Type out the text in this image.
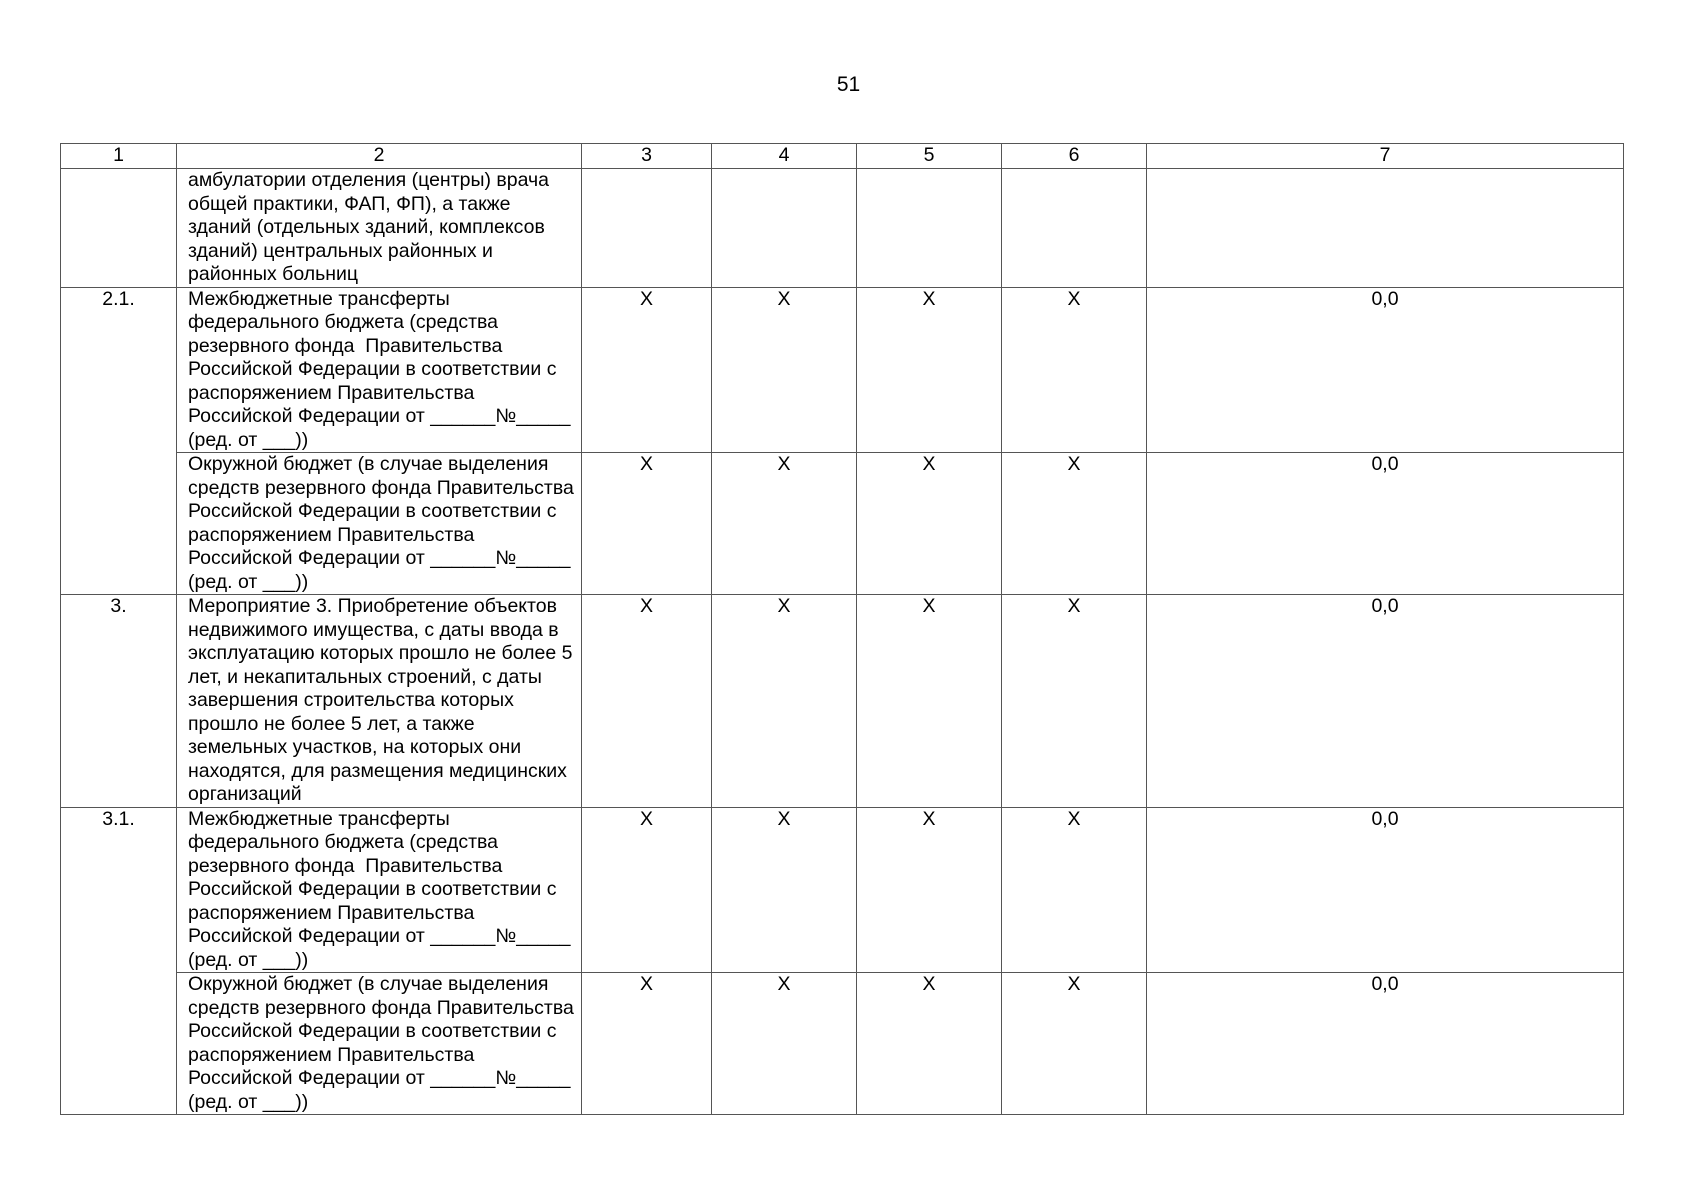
51
1	2	3	4	5	6	7
	амбулатории отделения (центры) врача общей практики, ФАП, ФП), а также зданий (отдельных зданий, комплексов зданий) центральных районных и районных больниц					
2.1.	Межбюджетные трансферты федерального бюджета (средства резервного фонда  Правительства Российской Федерации в соответствии с распоряжением Правительства Российской Федерации от ______№_____ (ред. от ___))	X	X	X	X	0,0
	Окружной бюджет (в случае выделения средств резервного фонда Правительства Российской Федерации в соответствии с распоряжением Правительства Российской Федерации от ______№_____ (ред. от ___))	X	X	X	X	0,0
3.	Мероприятие 3. Приобретение объектов недвижимого имущества, с даты ввода в эксплуатацию которых прошло не более 5 лет, и некапитальных строений, с даты завершения строительства которых прошло не более 5 лет, а также земельных участков, на которых они находятся, для размещения медицинских организаций	X	X	X	X	0,0
3.1.	Межбюджетные трансферты федерального бюджета (средства резервного фонда  Правительства Российской Федерации в соответствии с распоряжением Правительства Российской Федерации от ______№_____ (ред. от ___))	X	X	X	X	0,0
	Окружной бюджет (в случае выделения средств резервного фонда Правительства Российской Федерации в соответствии с распоряжением Правительства Российской Федерации от ______№_____ (ред. от ___))	X	X	X	X	0,0
